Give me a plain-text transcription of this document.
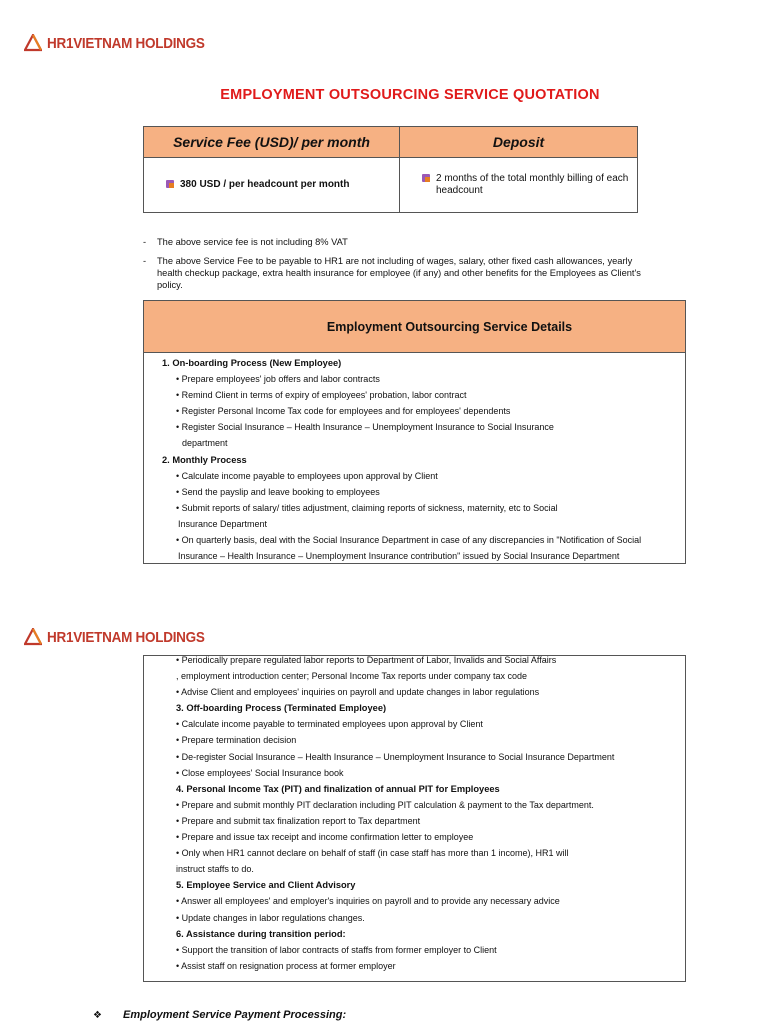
HR1VIETNAM HOLDINGS
EMPLOYMENT OUTSOURCING SERVICE QUOTATION
Service Fee (USD)/ per month	Deposit

380 USD / per headcount per month	2 months of the total monthly billing of each headcount
- The above service fee is not including 8% VAT
- The above Service Fee to be payable to HR1 are not including of wages, salary, other fixed cash allowances, yearly health checkup package, extra health insurance for employee (if any) and other benefits for the Employees as Client's policy.
Employment Outsourcing Service Details
1. On-boarding Process (New Employee)
• Prepare employees' job offers and labor contracts
• Remind Client in terms of expiry of employees' probation, labor contract
• Register Personal Income Tax code for employees and for employees' dependents
• Register Social Insurance – Health Insurance – Unemployment Insurance to Social Insurance
department
2. Monthly Process
• Calculate income payable to employees upon approval by Client
• Send the payslip and leave booking to employees
• Submit reports of salary/ titles adjustment, claiming reports of sickness, maternity, etc to Social
Insurance Department
• On quarterly basis, deal with the Social Insurance Department in case of any discrepancies in "Notification of Social
Insurance – Health Insurance – Unemployment Insurance contribution" issued by Social Insurance Department
HR1VIETNAM HOLDINGS
• Periodically prepare regulated labor reports to Department of Labor, Invalids and Social Affairs
, employment introduction center; Personal Income Tax reports under company tax code
• Advise Client and employees' inquiries on payroll and update changes in labor regulations
3. Off-boarding Process (Terminated Employee)
• Calculate income payable to terminated employees upon approval by Client
• Prepare termination decision
• De-register Social Insurance – Health Insurance – Unemployment Insurance to Social Insurance Department
• Close employees' Social Insurance book
4. Personal Income Tax (PIT) and finalization of annual PIT for Employees
• Prepare and submit monthly PIT declaration including PIT calculation & payment to the Tax department.
• Prepare and submit tax finalization report to Tax department
• Prepare and issue tax receipt and income confirmation letter to employee
• Only when HR1 cannot declare on behalf of staff (in case staff has more than 1 income), HR1 will
instruct staffs to do.
5. Employee Service and Client Advisory
• Answer all employees' and employer's inquiries on payroll and to provide any necessary advice
• Update changes in labor regulations changes.
6. Assistance during transition period:
• Support the transition of labor contracts of staffs from former employer to Client
• Assist staff on resignation process at former employer
❖ Employment Service Payment Processing:
